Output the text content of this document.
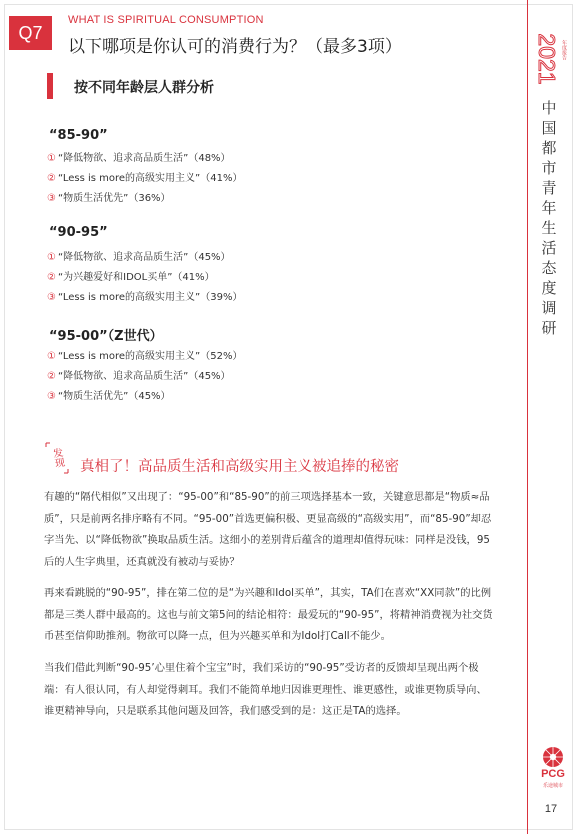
Q7
WHAT IS SPIRITUAL CONSUMPTION
以下哪项是你认可的消费行为？（最多3项）	2021 年度报告
中国都市青年生活态度调研
按不同年龄层人群分析
“85-90”
① “降低物欲、追求高品质生活”（48%）
② “Less is more的高级实用主义”（41%）
③ “物质生活优先”（36%）
“90-95”
① “降低物欲、追求高品质生活”（45%）
② “为兴趣爱好和IDOL买单”（41%）
③ “Less is more的高级实用主义”（39%）
“95-00”（Z世代）
① “Less is more的高级实用主义”（52%）
② “降低物欲、追求高品质生活”（45%）
③ “物质生活优先”（45%）
发现 真相了！高品质生活和高级实用主义被追捧的秘密
有趣的“隔代相似”又出现了：“95-00”和“85-90”的前三项选择基本一致，关键意思都是“物质≈品质”，只是前两名排序略有不同。“95-00”首选更偏积极、更显高级的“高级实用”，而“85-90”却忍字当先、以“降低物欲”换取品质生活。这细小的差别背后蕴含的道理却值得玩味：同样是没钱，95后的人生字典里，还真就没有被动与妥协？
再来看跳脱的“90-95”，排在第二位的是“为兴趣和Idol买单”，其实，TA们在喜欢“XX同款”的比例都是三类人群中最高的。这也与前文第5问的结论相符：最爱玩的“90-95”，将精神消费视为社交货币甚至信仰助推剂。物欲可以降一点，但为兴趣买单和为Idol打Call不能少。
当我们借此判断“90-95’心里住着个宝宝”时，我们采访的“90-95”受访者的反馈却呈现出两个极端：有人很认同，有人却觉得刺耳。我们不能简单地归因谁更理性、谁更感性，或谁更物质导向、谁更精神导向，只是联系其他问题及回答，我们感受到的是：这正是TA的选择。
PCG
乐途城市
17
